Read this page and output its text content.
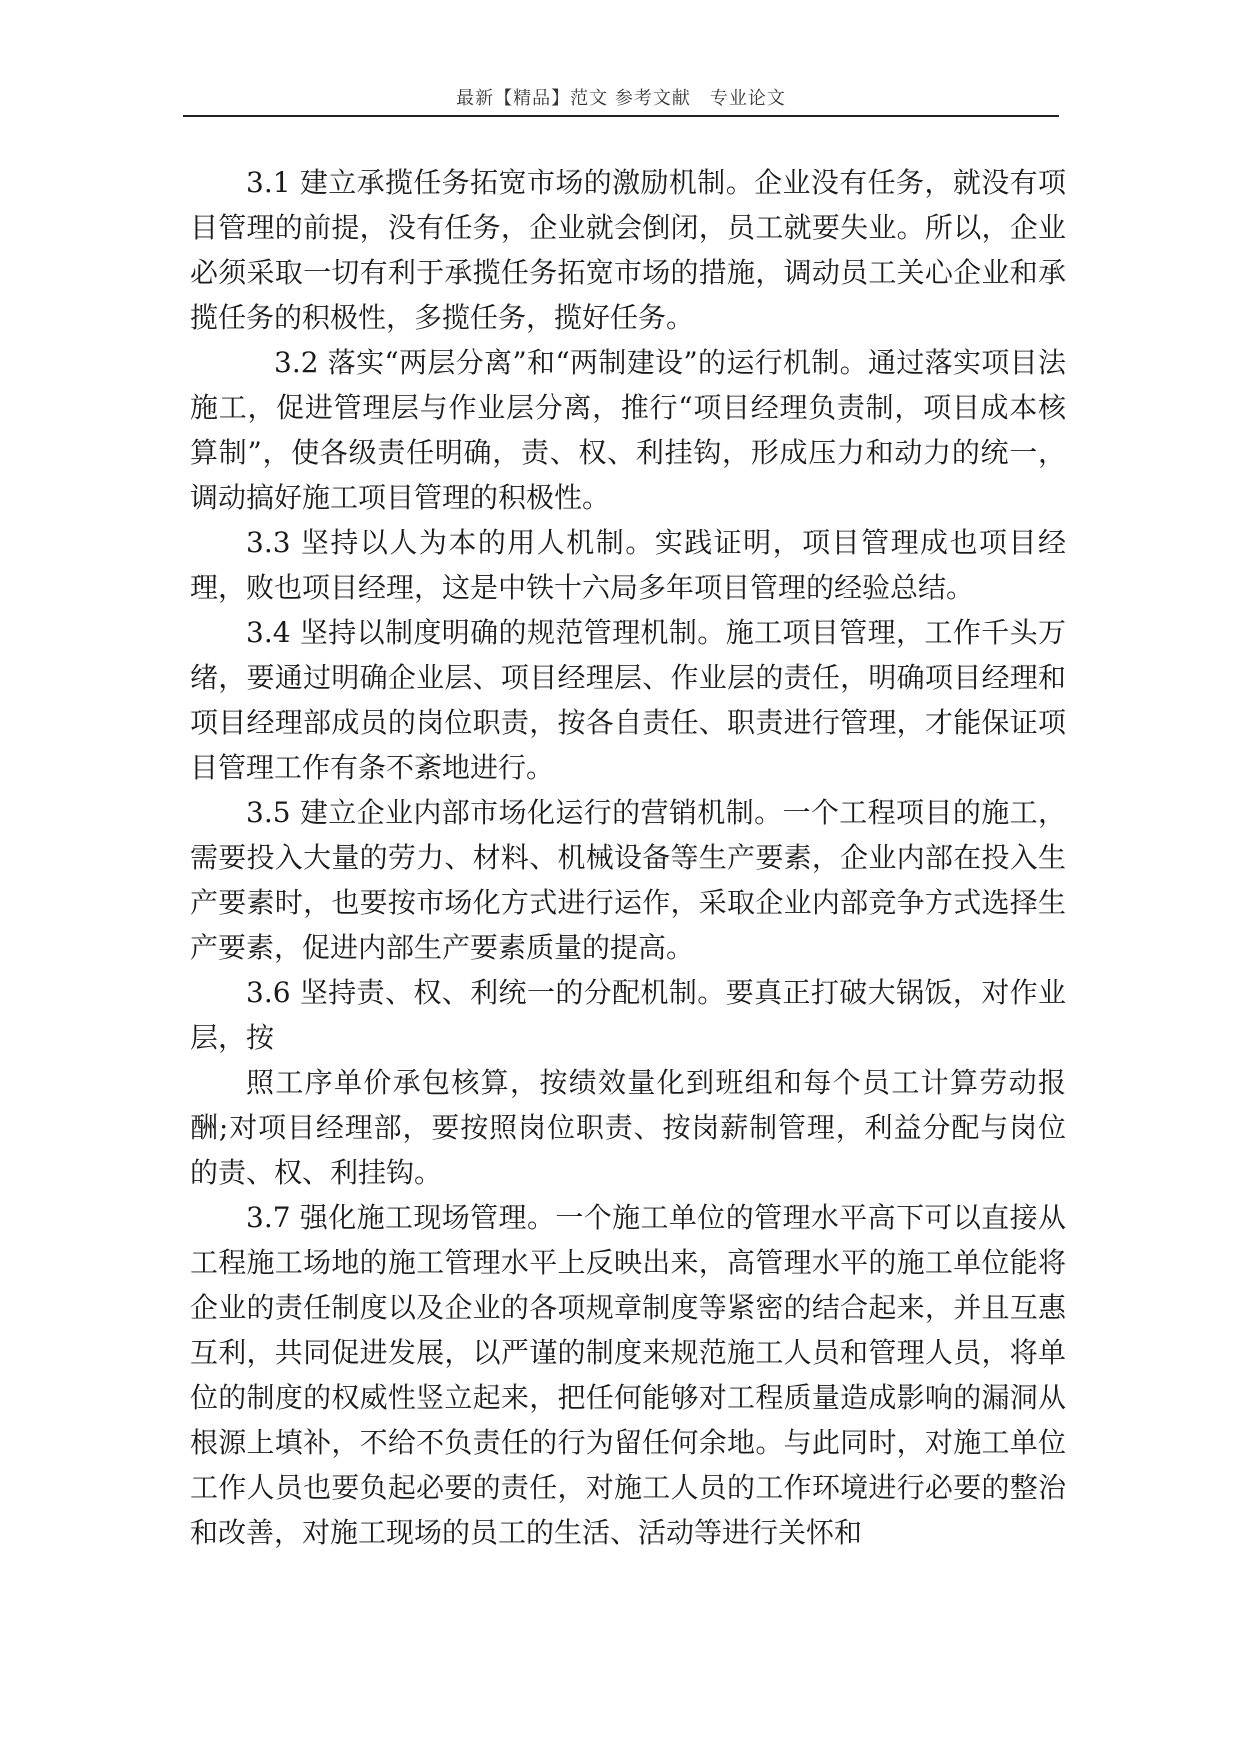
最新【精品】范文 参考文献　专业论文

3.1 建立承揽任务拓宽市场的激励机制。企业没有任务，就没有项目管理的前提，没有任务，企业就会倒闭，员工就要失业。所以，企业必须采取一切有利于承揽任务拓宽市场的措施，调动员工关心企业和承揽任务的积极性，多揽任务，揽好任务。

3.2 落实“两层分离”和“两制建设”的运行机制。通过落实项目法施工，促进管理层与作业层分离，推行“项目经理负责制，项目成本核算制”，使各级责任明确，责、权、利挂钩，形成压力和动力的统一，调动搞好施工项目管理的积极性。

3.3 坚持以人为本的用人机制。实践证明，项目管理成也项目经理，败也项目经理，这是中铁十六局多年项目管理的经验总结。

3.4 坚持以制度明确的规范管理机制。施工项目管理，工作千头万绪，要通过明确企业层、项目经理层、作业层的责任，明确项目经理和项目经理部成员的岗位职责，按各自责任、职责进行管理，才能保证项目管理工作有条不紊地进行。

3.5 建立企业内部市场化运行的营销机制。一个工程项目的施工，需要投入大量的劳力、材料、机械设备等生产要素，企业内部在投入生产要素时，也要按市场化方式进行运作，采取企业内部竞争方式选择生产要素，促进内部生产要素质量的提高。

3.6 坚持责、权、利统一的分配机制。要真正打破大锅饭，对作业层，按

照工序单价承包核算，按绩效量化到班组和每个员工计算劳动报酬;对项目经理部，要按照岗位职责、按岗薪制管理，利益分配与岗位的责、权、利挂钩。

3.7 强化施工现场管理。一个施工单位的管理水平高下可以直接从工程施工场地的施工管理水平上反映出来，高管理水平的施工单位能将企业的责任制度以及企业的各项规章制度等紧密的结合起来，并且互惠互利，共同促进发展，以严谨的制度来规范施工人员和管理人员，将单位的制度的权威性竖立起来，把任何能够对工程质量造成影响的漏洞从根源上填补，不给不负责任的行为留任何余地。与此同时，对施工单位工作人员也要负起必要的责任，对施工人员的工作环境进行必要的整治和改善，对施工现场的员工的生活、活动等进行关怀和
